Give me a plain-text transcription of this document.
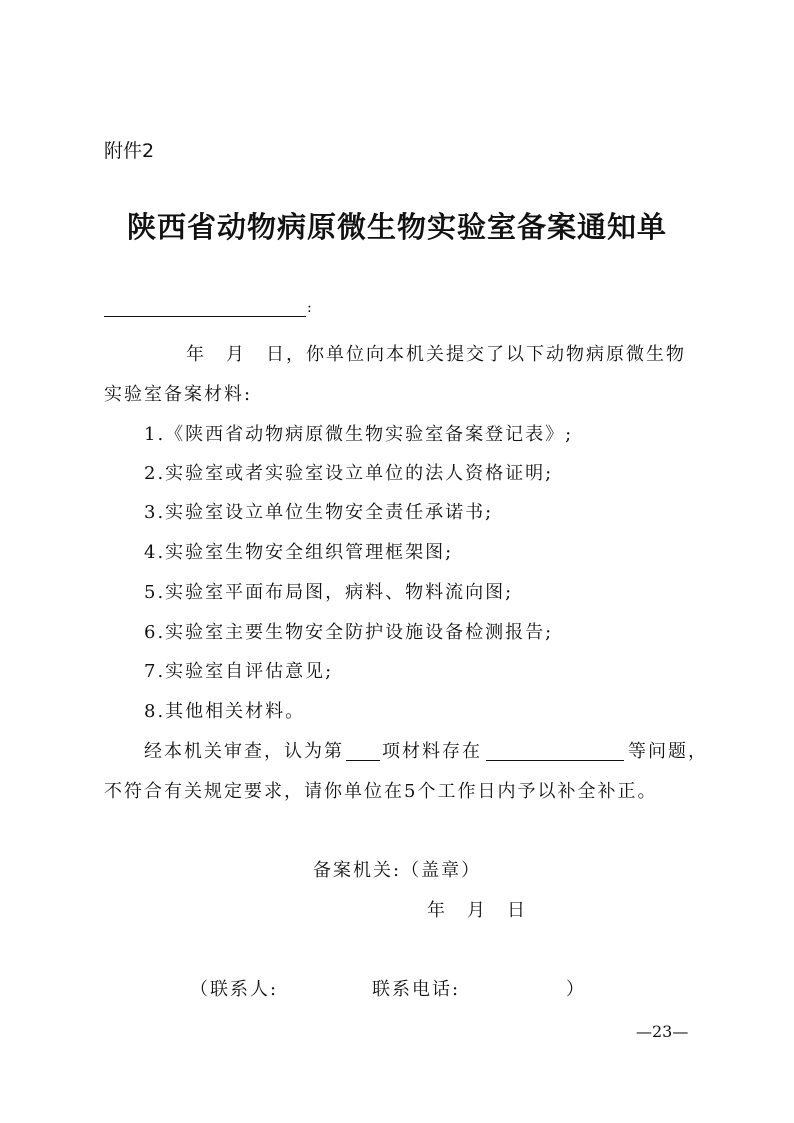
附件2
陕西省动物病原微生物实验室备案通知单
:
年　月　日，你单位向本机关提交了以下动物病原微生物
实验室备案材料:
1.《陕西省动物病原微生物实验室备案登记表》;
2.实验室或者实验室设立单位的法人资格证明;
3.实验室设立单位生物安全责任承诺书;
4.实验室生物安全组织管理框架图;
5.实验室平面布局图，病料、物料流向图;
6.实验室主要生物安全防护设施设备检测报告;
7.实验室自评估意见;
8.其他相关材料。
经本机关审查，认为第 项材料存在	等问题，
不符合有关规定要求，请你单位在5个工作日内予以补全补正。
备案机关:（盖章）
年　月　日
（联系人:	联系电话:	）
—23—
